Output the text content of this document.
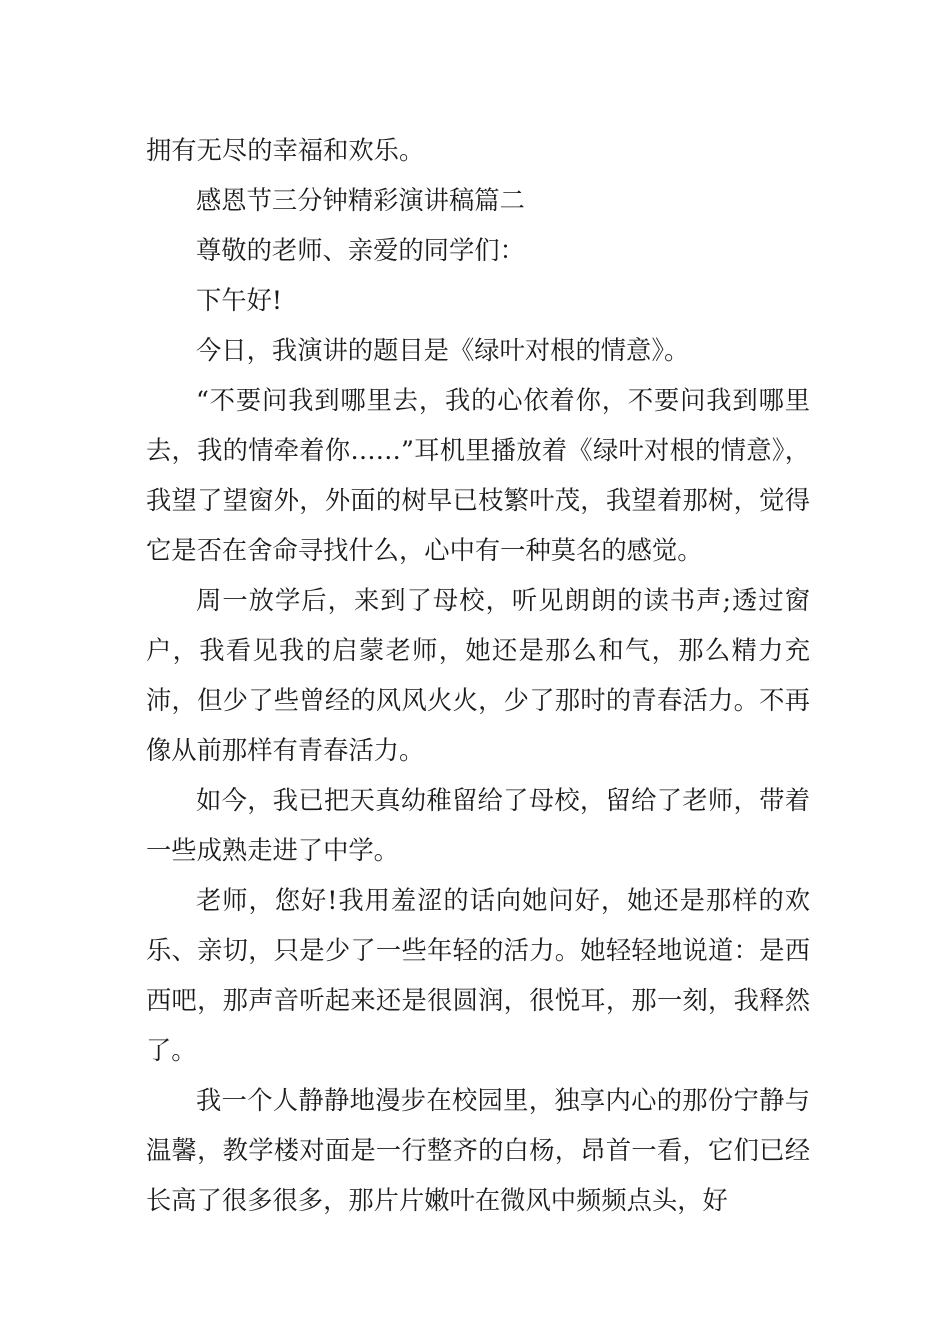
拥有无尽的幸福和欢乐。

感恩节三分钟精彩演讲稿篇二

尊敬的老师、亲爱的同学们：

下午好!

今日，我演讲的题目是《绿叶对根的情意》。

“不要问我到哪里去，我的心依着你，不要问我到哪里去，我的情牵着你……”耳机里播放着《绿叶对根的情意》，我望了望窗外，外面的树早已枝繁叶茂，我望着那树，觉得它是否在舍命寻找什么，心中有一种莫名的感觉。

周一放学后，来到了母校，听见朗朗的读书声;透过窗户，我看见我的启蒙老师，她还是那么和气，那么精力充沛，但少了些曾经的风风火火，少了那时的青春活力。不再像从前那样有青春活力。

如今，我已把天真幼稚留给了母校，留给了老师，带着一些成熟走进了中学。

老师，您好!我用羞涩的话向她问好，她还是那样的欢乐、亲切，只是少了一些年轻的活力。她轻轻地说道：是西西吧，那声音听起来还是很圆润，很悦耳，那一刻，我释然了。

我一个人静静地漫步在校园里，独享内心的那份宁静与温馨，教学楼对面是一行整齐的白杨，昂首一看，它们已经长高了很多很多，那片片嫩叶在微风中频频点头，好
